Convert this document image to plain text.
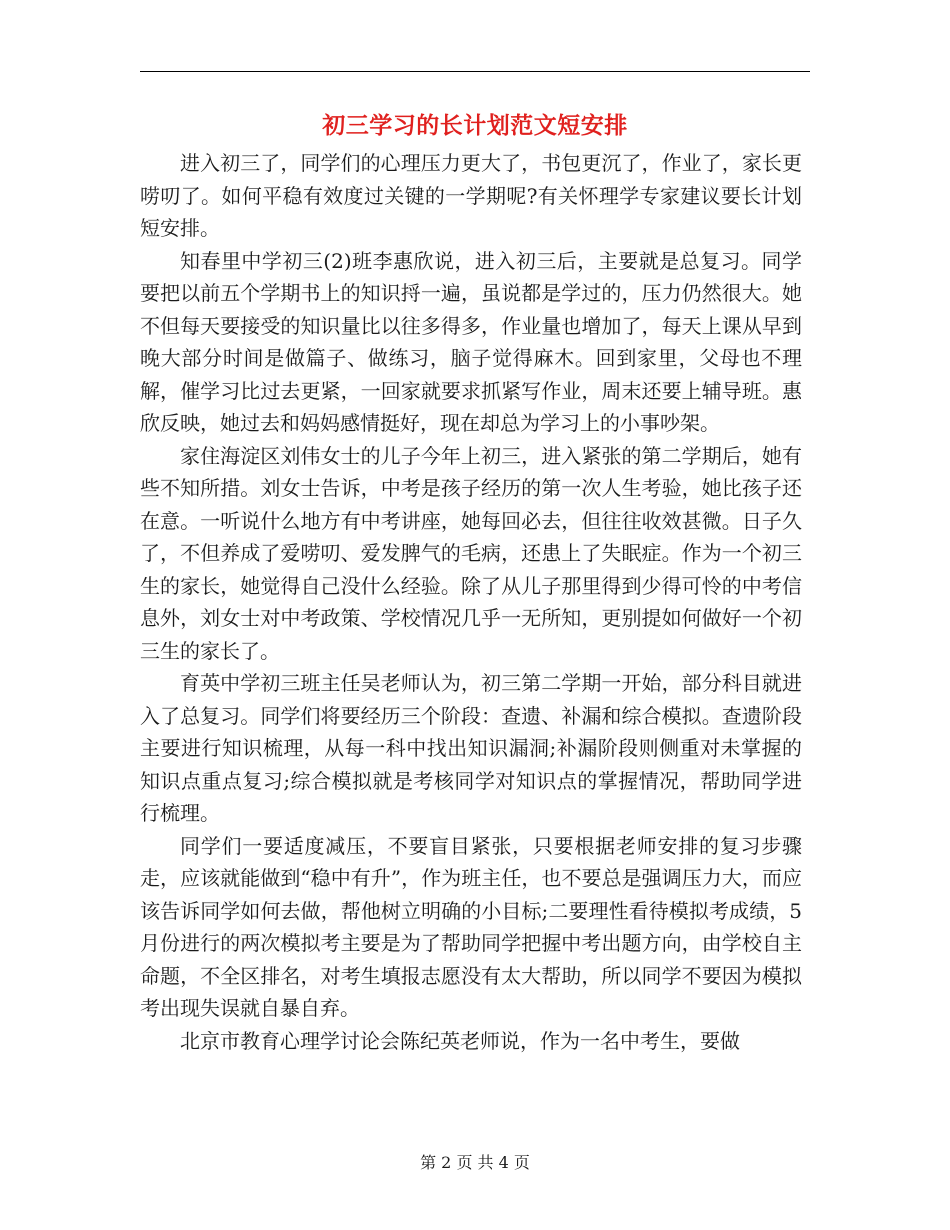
初三学习的长计划范文短安排

进入初三了，同学们的心理压力更大了，书包更沉了，作业了，家长更唠叨了。如何平稳有效度过关键的一学期呢?有关怀理学专家建议要长计划短安排。

知春里中学初三(2)班李惠欣说，进入初三后，主要就是总复习。同学要把以前五个学期书上的知识捋一遍，虽说都是学过的，压力仍然很大。她不但每天要接受的知识量比以往多得多，作业量也增加了，每天上课从早到晚大部分时间是做篇子、做练习，脑子觉得麻木。回到家里，父母也不理解，催学习比过去更紧，一回家就要求抓紧写作业，周末还要上辅导班。惠欣反映，她过去和妈妈感情挺好，现在却总为学习上的小事吵架。

家住海淀区刘伟女士的儿子今年上初三，进入紧张的第二学期后，她有些不知所措。刘女士告诉，中考是孩子经历的第一次人生考验，她比孩子还在意。一听说什么地方有中考讲座，她每回必去，但往往收效甚微。日子久了，不但养成了爱唠叨、爱发脾气的毛病，还患上了失眠症。作为一个初三生的家长，她觉得自己没什么经验。除了从儿子那里得到少得可怜的中考信息外，刘女士对中考政策、学校情况几乎一无所知，更别提如何做好一个初三生的家长了。

育英中学初三班主任吴老师认为，初三第二学期一开始，部分科目就进入了总复习。同学们将要经历三个阶段：查遗、补漏和综合模拟。查遗阶段主要进行知识梳理，从每一科中找出知识漏洞;补漏阶段则侧重对未掌握的知识点重点复习;综合模拟就是考核同学对知识点的掌握情况，帮助同学进行梳理。

同学们一要适度减压，不要盲目紧张，只要根据老师安排的复习步骤走，应该就能做到“稳中有升”，作为班主任，也不要总是强调压力大，而应该告诉同学如何去做，帮他树立明确的小目标;二要理性看待模拟考成绩，5月份进行的两次模拟考主要是为了帮助同学把握中考出题方向，由学校自主命题，不全区排名，对考生填报志愿没有太大帮助，所以同学不要因为模拟考出现失误就自暴自弃。

北京市教育心理学讨论会陈纪英老师说，作为一名中考生，要做

第 2 页 共 4 页
